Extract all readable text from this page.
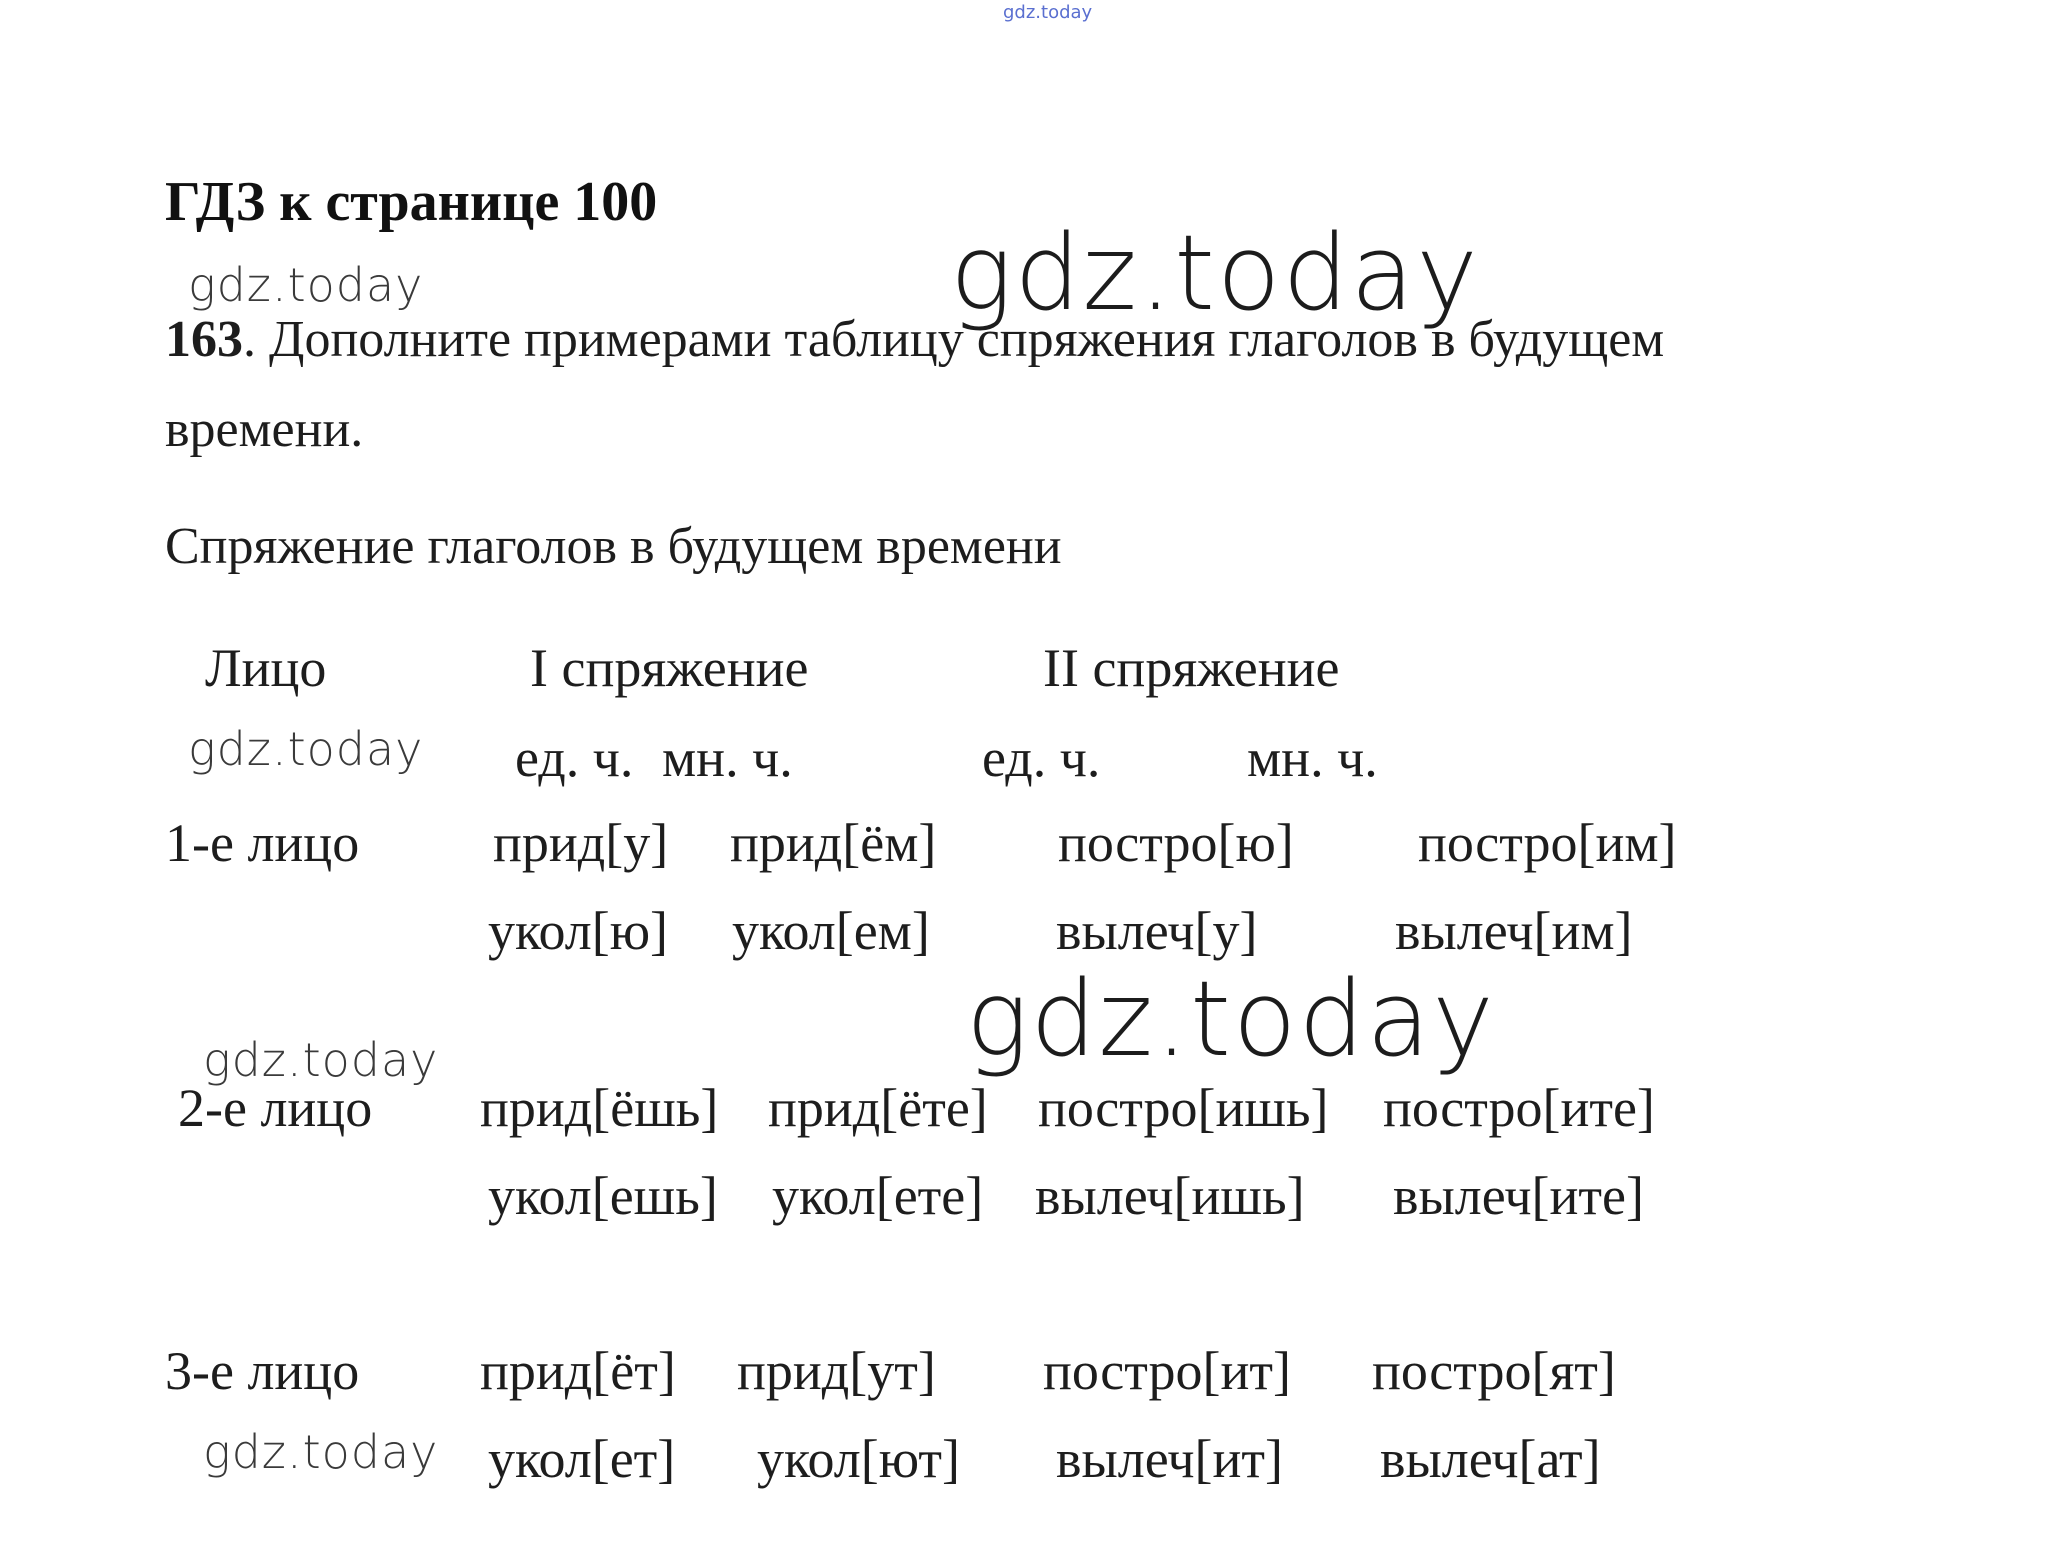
gdz.today
ГДЗ к странице 100
gdz.today	gdz.today
gdz.today
gdz.today
gdz.today
gdz.today
163. Дополните примерами таблицу спряжения глаголов в будущем
времени.
Спряжение глаголов в будущем времени
Лицо	I спряжение	II спряжение
ед. ч. мн. ч.	ед. ч.	мн. ч.
1-е лицо прид[у] прид[ём] постро[ю] постро[им]
укол[ю] укол[ем] вылеч[у]	вылеч[им]
2-е лицо прид[ёшь] прид[ёте] постро[ишь] постро[ите]
укол[ешь] укол[ете] вылеч[ишь] вылеч[ите]
3-е лицо прид[ёт] прид[ут] постро[ит] постро[ят]
укол[ет] укол[ют] вылеч[ит] вылеч[ат]
